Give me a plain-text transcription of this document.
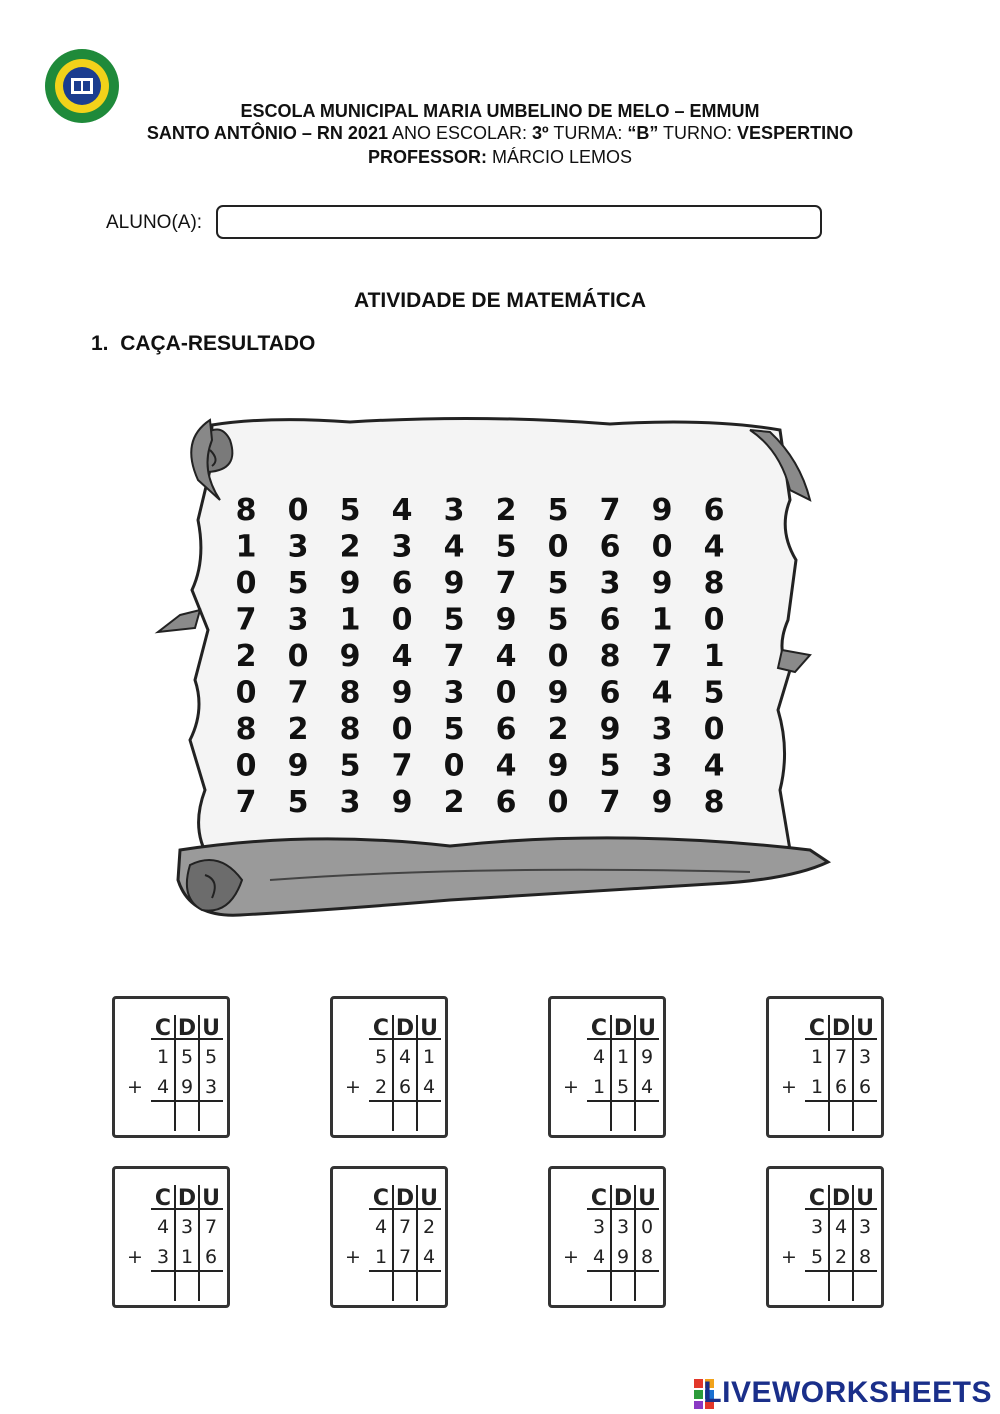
ESCOLA MUNICIPAL MARIA UMBELINO DE MELO – EMMUM
SANTO ANTÔNIO – RN 2021 ANO ESCOLAR: 3º TURMA: “B” TURNO: VESPERTINO
PROFESSOR: MÁRCIO LEMOS
ALUNO(A):
ATIVIDADE DE MATEMÁTICA
1. CAÇA-RESULTADO
8 0 5 4 3 2 5 7 9 6
1 3 2 3 4 5 0 6 0 4
0 5 9 6 9 7 5 3 9 8
7 3 1 0 5 9 5 6 1 0
2 0 9 4 7 4 0 8 7 1
0 7 8 9 3 0 9 6 4 5
8 2 8 0 5 6 2 9 3 0
0 9 5 7 0 4 9 5 3 4
7 5 3 9 2 6 0 7 9 8
C D U
1 5 5
4 9 3
+
C D U
5 4 1
2 6 4
+
C D U
4 1 9
1 5 4
+
C D U
1 7 3
1 6 6
+
C D U
4 3 7
3 1 6
+
C D U
4 7 2
1 7 4
+
C D U
3 3 0
4 9 8
+
C D U
3 4 3
5 2 8
+
LIVEWORKSHEETS
